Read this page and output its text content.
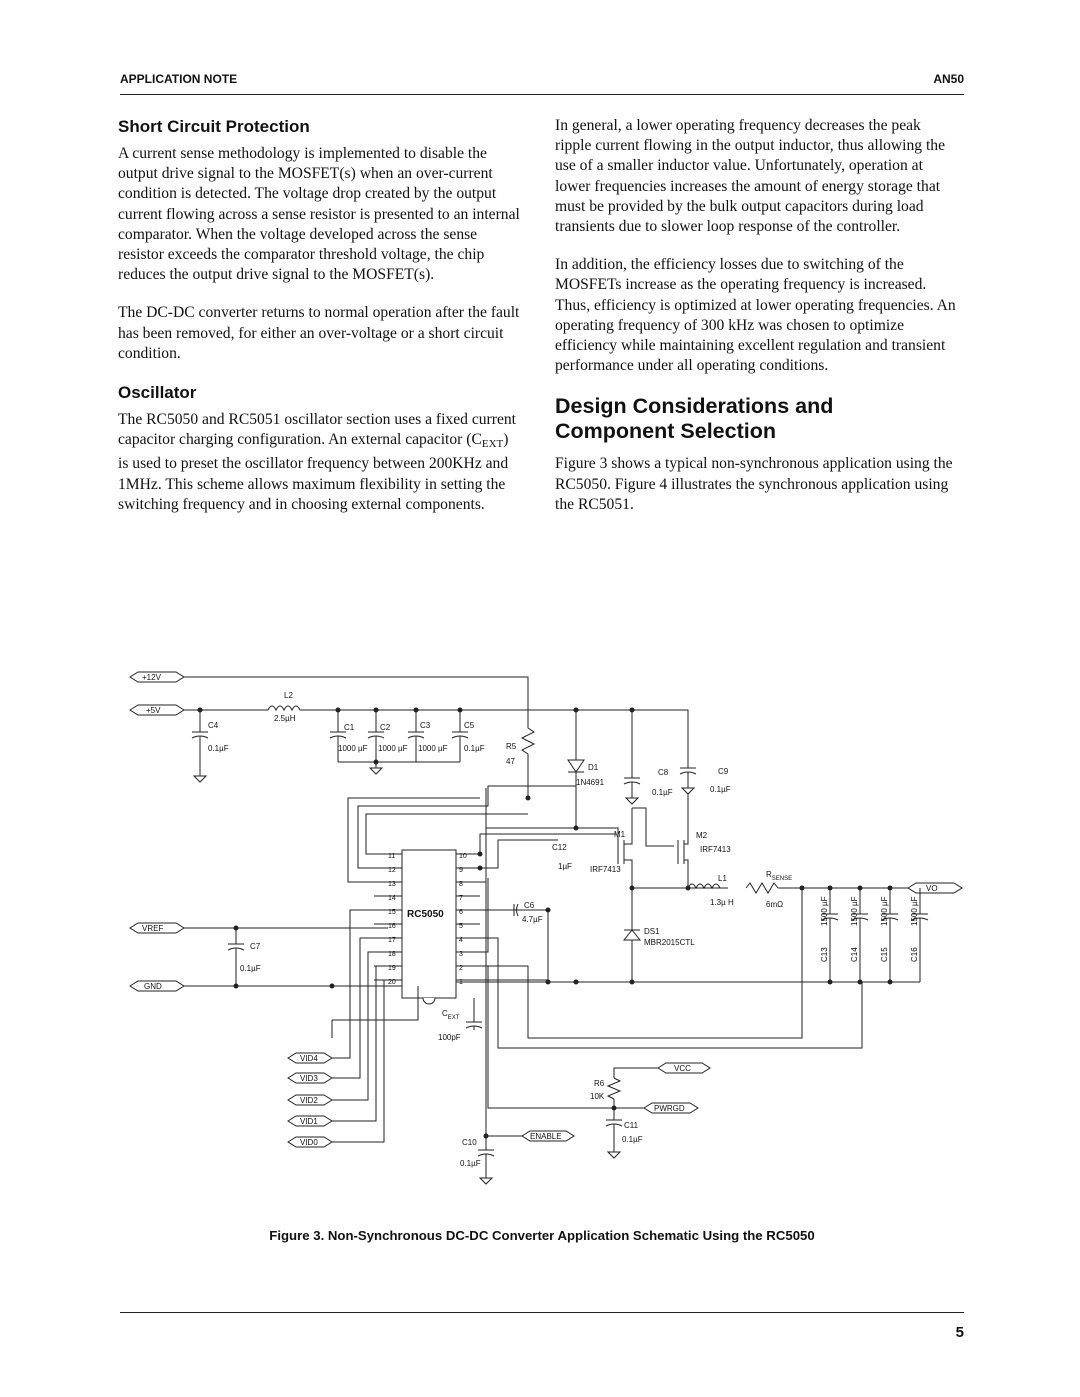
APPLICATION NOTE	AN50
Short Circuit Protection

A current sense methodology is implemented to disable the output drive signal to the MOSFET(s) when an over-current condition is detected. The voltage drop created by the output current flowing across a sense resistor is presented to an internal comparator. When the voltage developed across the sense resistor exceeds the comparator threshold voltage, the chip reduces the output drive signal to the MOSFET(s).

The DC-DC converter returns to normal operation after the fault has been removed, for either an over-voltage or a short circuit condition.

Oscillator

The RC5050 and RC5051 oscillator section uses a fixed current capacitor charging configuration. An external capacitor $(C_{EXT})$ is used to preset the oscillator frequency between 200KHz and 1MHz. This scheme allows maximum flexibility in setting the switching frequency and in choosing external components.

In general, a lower operating frequency decreases the peak ripple current flowing in the output inductor, thus allowing the use of a smaller inductor value. Unfortunately, operation at lower frequencies increases the amount of energy storage that must be provided by the bulk output capacitors during load transients due to slower loop response of the controller.

In addition, the efficiency losses due to switching of the MOSFETs increase as the operating frequency is increased. Thus, efficiency is optimized at lower operating frequencies. An operating frequency of 300 kHz was chosen to optimize efficiency while maintaining excellent regulation and transient performance under all operating conditions.

Design Considerations and
Component Selection

Figure 3 shows a typical non-synchronous application using the RC5050. Figure 4 illustrates the synchronous application using the RC5051.

+12V
+5V
VREF
GND
VO
VCC
PWRGD
ENABLE
VID4
VID3
VID2
VID1
VID0
L2
2.5µH
C4
0.1µF
C1
1000 µF
C2
1000 µF
C3
1000 µF
C5
0.1µF	R5
47
D1
1N4691
C8
0.1µF
C9
0.1µF
M1
IRF7413
M2
IRF7413
C12
1µF
L1
1.3µ H
$R_{SENSE}$
6mΩ
C6
4.7µF
DS1
MBR2015CTL
C7
0.1µF
$C_{EXT}$
100pF
R6
10K
C11
0.1µF
C10
0.1µF
1500 µF	1500 µF	1500 µF	1500 µF
C13	C14	C15	C16
RC5050
11
12
13
14
15
16
17
18
19
20
10
9
8
7
6
5
4
3
2
1
Figure 3. Non-Synchronous DC-DC Converter Application Schematic Using the RC5050
5
